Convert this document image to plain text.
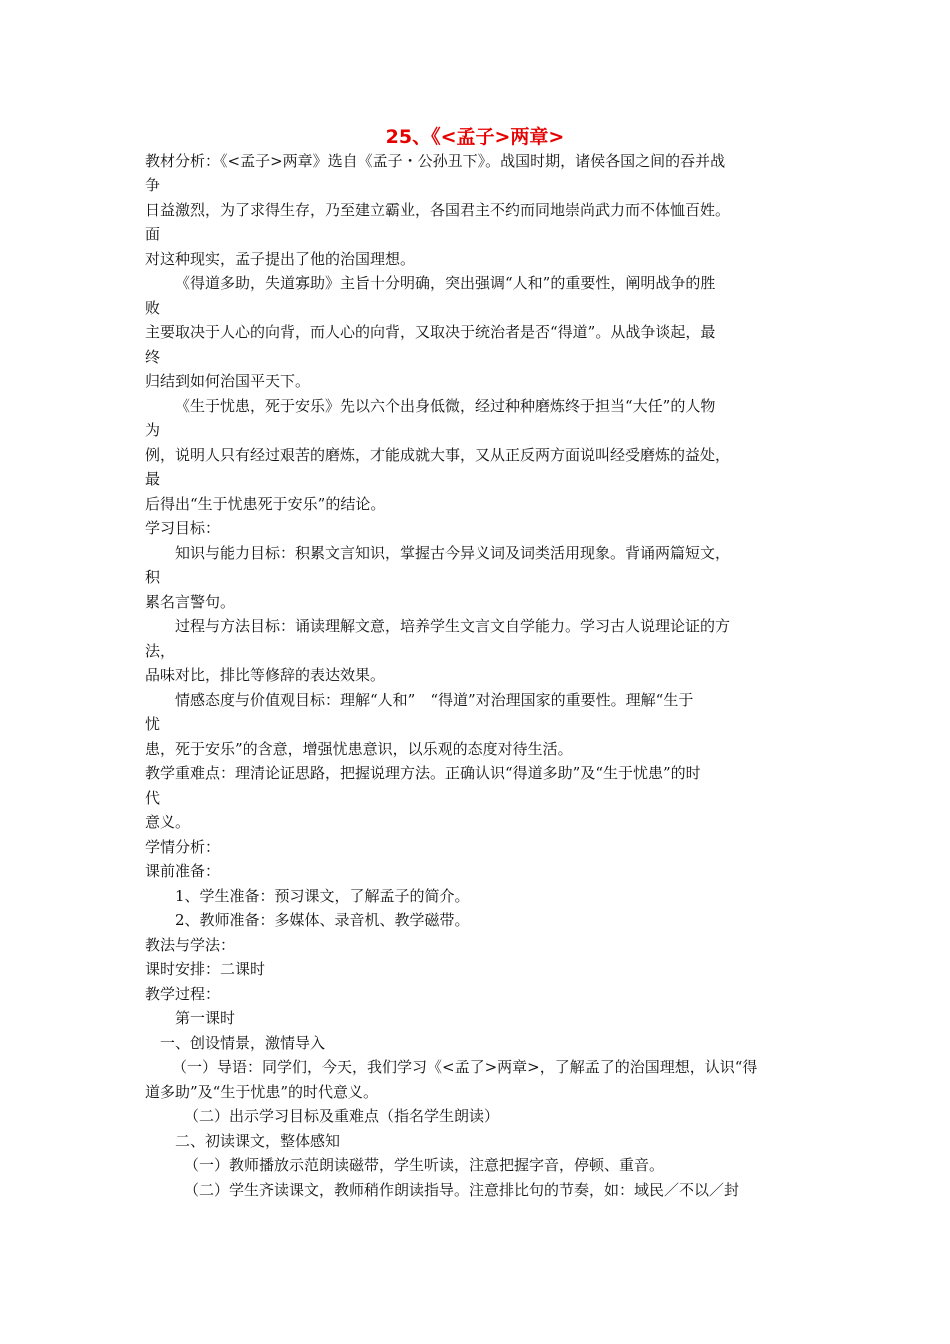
25、《<孟子>两章>
教材分析：《<孟子>两章》选自《孟子・公孙丑下》。战国时期，诸侯各国之间的吞并战
争
日益激烈，为了求得生存，乃至建立霸业，各国君主不约而同地崇尚武力而不体恤百姓。
面
对这种现实，孟子提出了他的治国理想。
《得道多助，失道寡助》主旨十分明确，突出强调“人和”的重要性，阐明战争的胜
败
主要取决于人心的向背，而人心的向背，又取决于统治者是否“得道”。从战争谈起，最
终
归结到如何治国平天下。
《生于忧患，死于安乐》先以六个出身低微，经过种种磨炼终于担当“大任”的人物
为
例，说明人只有经过艰苦的磨炼，才能成就大事，又从正反两方面说叫经受磨炼的益处，
最
后得出“生于忧患死于安乐”的结论。
学习目标：
知识与能力目标：积累文言知识，掌握古今异义词及词类活用现象。背诵两篇短文，
积
累名言警句。
过程与方法目标：诵读理解文意，培养学生文言文自学能力。学习古人说理论证的方
法，
品味对比，排比等修辞的表达效果。
情感态度与价值观目标：理解“人和”　“得道”对治理国家的重要性。理解“生于
忧
患，死于安乐”的含意，增强忧患意识，以乐观的态度对待生活。
教学重难点：理清论证思路，把握说理方法。正确认识“得道多助”及“生于忧患”的时
代
意义。
学情分析：
课前准备：
1、学生准备：预习课文，了解孟子的简介。
2、教师准备：多媒体、录音机、教学磁带。
教法与学法：
课时安排：二课时
教学过程：
第一课时
一、创设情景，激情导入
（一）导语：同学们，今天，我们学习《<孟了>两章>，了解孟了的治国理想，认识“得
道多助”及“生于忧患”的时代意义。
（二）出示学习目标及重难点（指名学生朗读）
二、初读课文，整体感知
（一）教师播放示范朗读磁带，学生听读，注意把握字音，停顿、重音。
（二）学生齐读课文，教师稍作朗读指导。注意排比句的节奏，如：域民／不以／封
